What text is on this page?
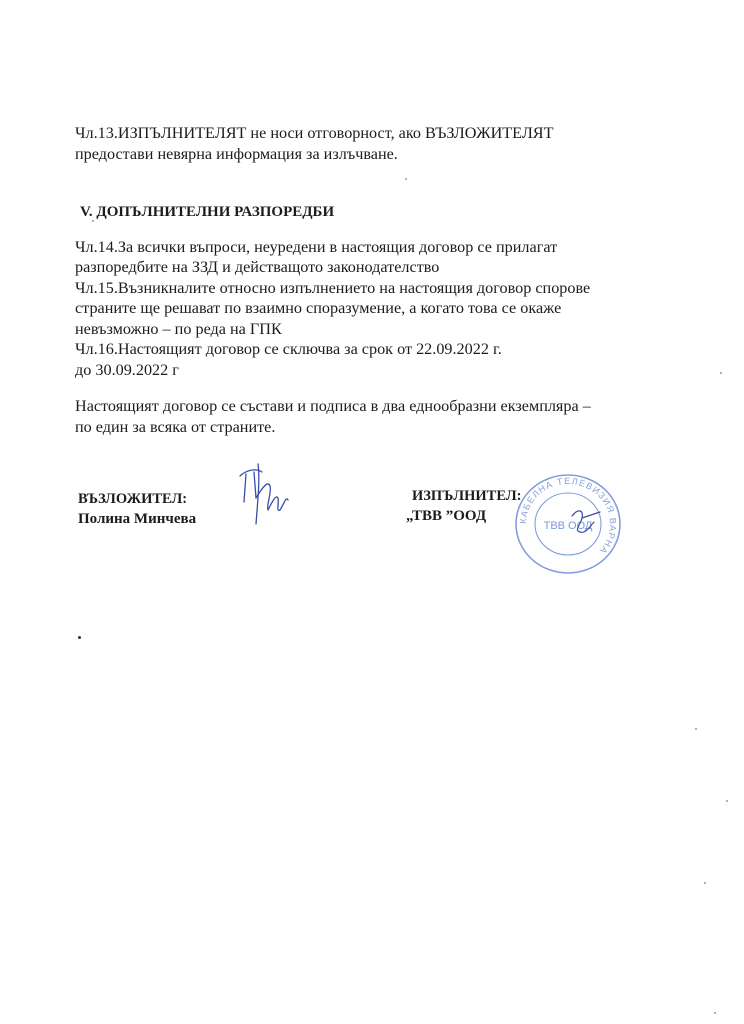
Чл.13.ИЗПЪЛНИТЕЛЯТ не носи отговорност, ако ВЪЗЛОЖИТЕЛЯТ
предостави невярна информация за излъчване.
V. ДОПЪЛНИТЕЛНИ РАЗПОРЕДБИ
Чл.14.За всички въпроси, неуредени в настоящия договор се прилагат
разпоредбите на ЗЗД и действащото законодателство
Чл.15.Възникналите относно изпълнението на настоящия договор спорове
страните ще решават по взаимно споразумение, а когато това се окаже
невъзможно – по реда на ГПК
Чл.16.Настоящият договор се сключва за срок от 22.09.2022 г.
до 30.09.2022 г
Настоящият договор се състави и подписа в два еднообразни екземпляра –
по един за всяка от страните.
ВЪЗЛОЖИТЕЛ:
Полина Минчева
ИЗПЪЛНИТЕЛ:
„ТВВ ”ООД	КАБЕЛНА ТЕЛЕВИЗИЯ ВАРНА
ТВВ ООД
